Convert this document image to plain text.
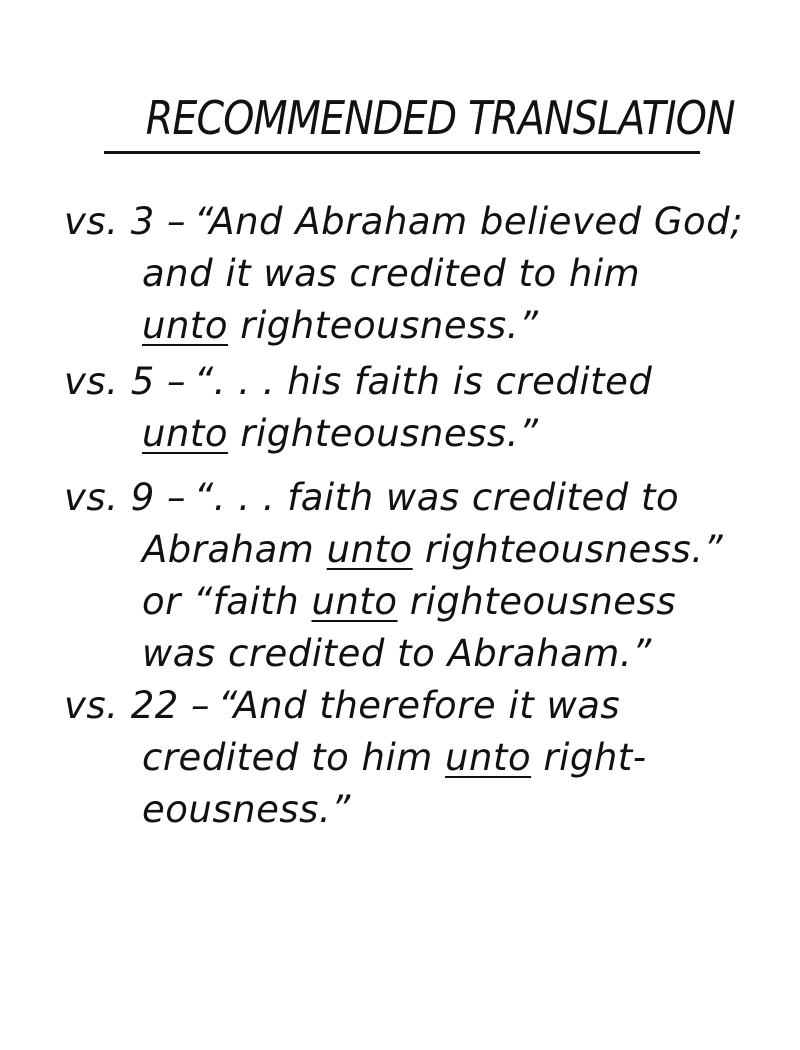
RECOMMENDED TRANSLATION
vs. 3 – “And Abraham believed God;
and it was credited to him
unto righteousness.”
vs. 5 – “. . . his faith is credited
unto righteousness.”
vs. 9 – “. . . faith was credited to
Abraham unto righteousness.”
or “faith unto righteousness
was credited to Abraham.”
vs. 22 – “And therefore it was
credited to him unto right-
eousness.”
